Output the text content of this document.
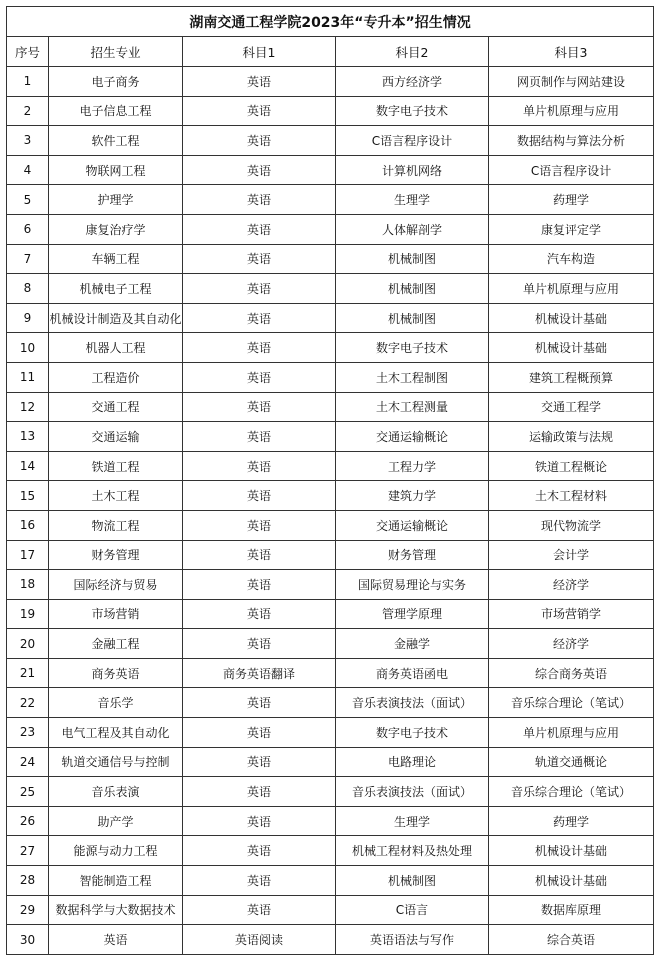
湖南交通工程学院2023年“专升本”招生情况				
序号	招生专业	科目1	科目2	科目3
1	电子商务	英语	西方经济学	网页制作与网站建设
2	电子信息工程	英语	数字电子技术	单片机原理与应用
3	软件工程	英语	C语言程序设计	数据结构与算法分析
4	物联网工程	英语	计算机网络	C语言程序设计
5	护理学	英语	生理学	药理学
6	康复治疗学	英语	人体解剖学	康复评定学
7	车辆工程	英语	机械制图	汽车构造
8	机械电子工程	英语	机械制图	单片机原理与应用
9	机械设计制造及其自动化	英语	机械制图	机械设计基础
10	机器人工程	英语	数字电子技术	机械设计基础
11	工程造价	英语	土木工程制图	建筑工程概预算
12	交通工程	英语	土木工程测量	交通工程学
13	交通运输	英语	交通运输概论	运输政策与法规
14	铁道工程	英语	工程力学	铁道工程概论
15	土木工程	英语	建筑力学	土木工程材料
16	物流工程	英语	交通运输概论	现代物流学
17	财务管理	英语	财务管理	会计学
18	国际经济与贸易	英语	国际贸易理论与实务	经济学
19	市场营销	英语	管理学原理	市场营销学
20	金融工程	英语	金融学	经济学
21	商务英语	商务英语翻译	商务英语函电	综合商务英语
22	音乐学	英语	音乐表演技法（面试）	音乐综合理论（笔试）
23	电气工程及其自动化	英语	数字电子技术	单片机原理与应用
24	轨道交通信号与控制	英语	电路理论	轨道交通概论
25	音乐表演	英语	音乐表演技法（面试）	音乐综合理论（笔试）
26	助产学	英语	生理学	药理学
27	能源与动力工程	英语	机械工程材料及热处理	机械设计基础
28	智能制造工程	英语	机械制图	机械设计基础
29	数据科学与大数据技术	英语	C语言	数据库原理
30	英语	英语阅读	英语语法与写作	综合英语
